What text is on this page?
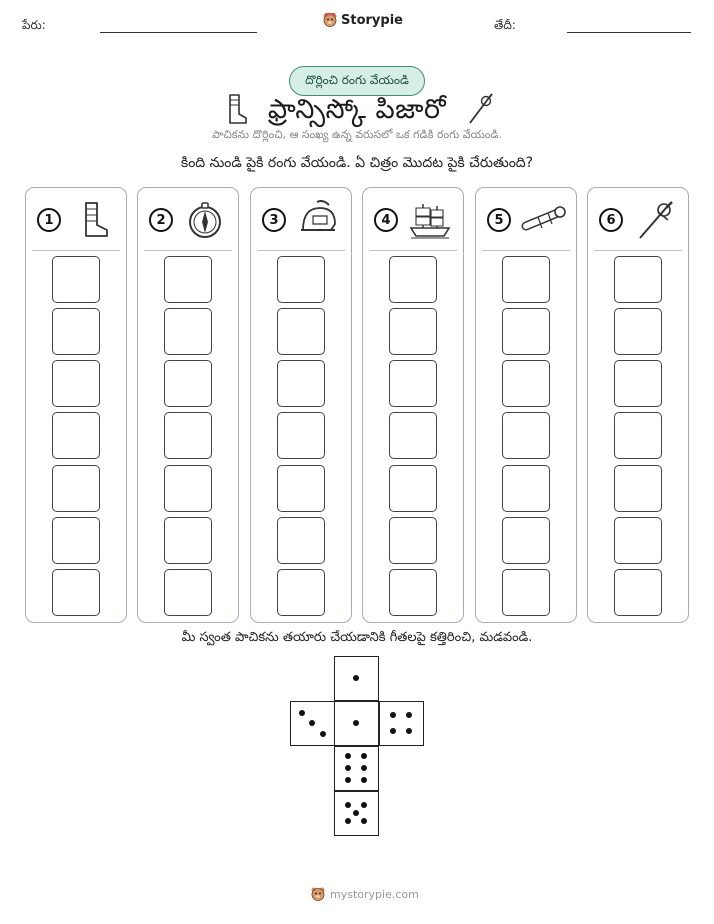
పేరు:	Storypie	తేదీ:
దొర్లించి రంగు వేయండి
ఫ్రాన్సిస్కో పిజారో
పాచికను దొర్లించి, ఆ సంఖ్య ఉన్న వరుసలో ఒక గడికి రంగు వేయండి.
కింది నుండి పైకి రంగు వేయండి. ఏ చిత్రం మొదట పైకి చేరుతుంది?
1	2	3	4	5	6
మీ స్వంత పాచికను తయారు చేయడానికి గీతలపై కత్తిరించి, మడవండి.
mystorypie.com
